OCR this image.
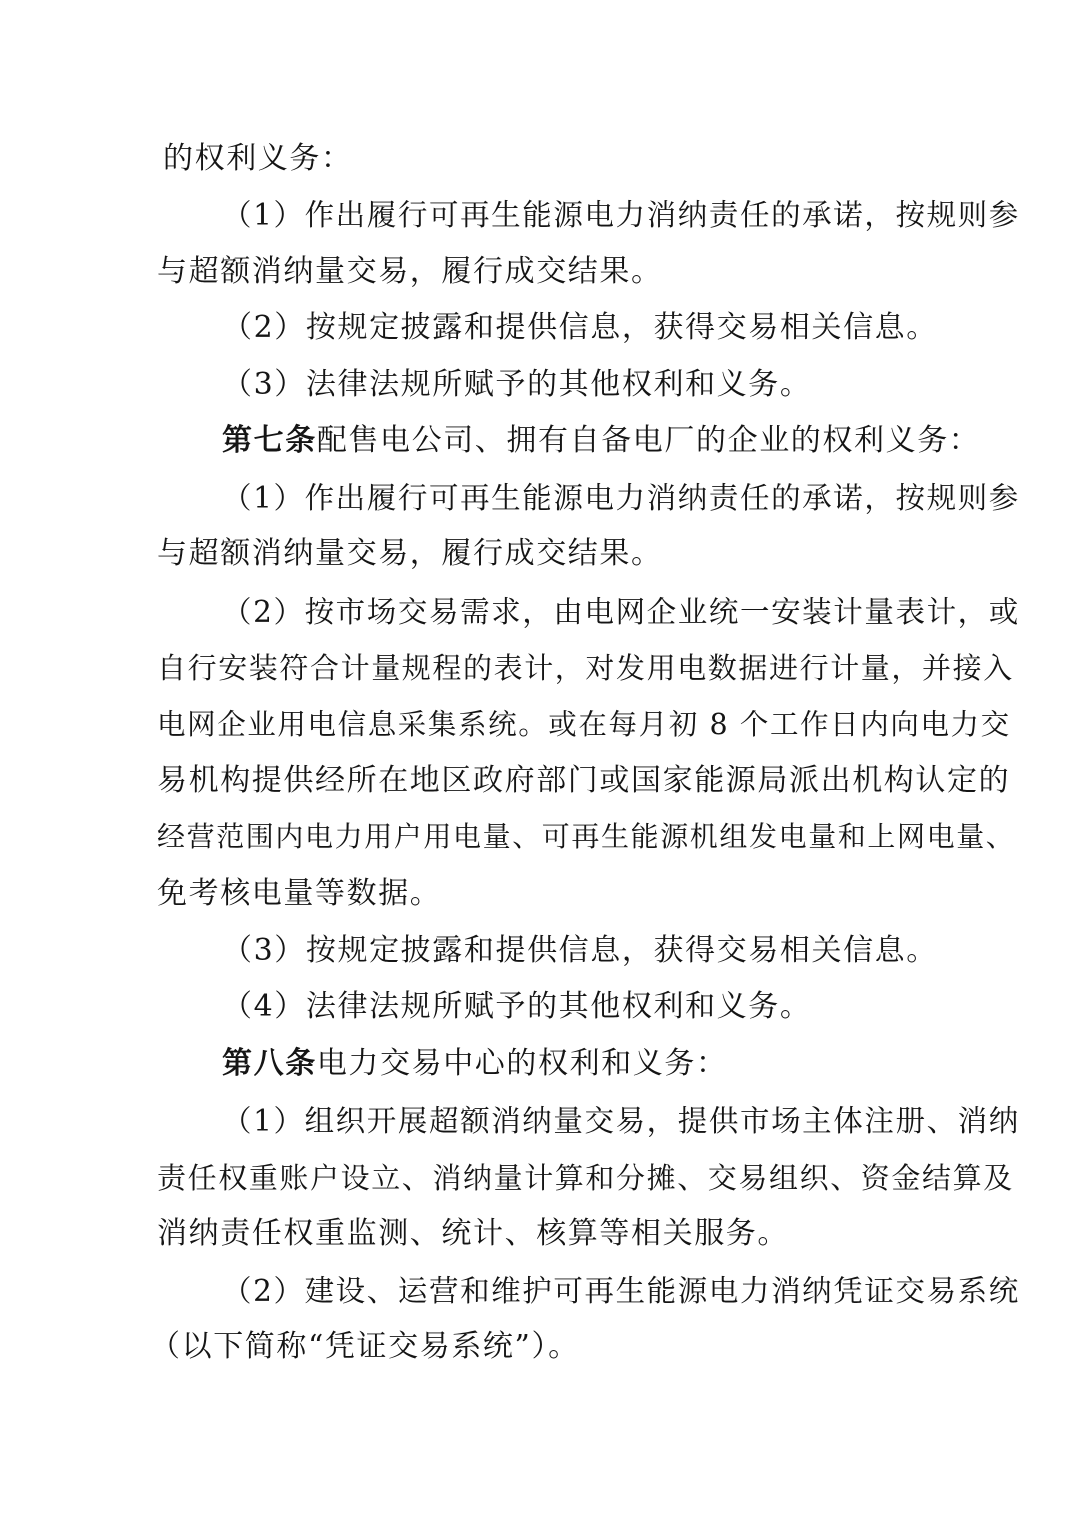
的权利义务：
（1）作出履行可再生能源电力消纳责任的承诺，按规则参
与超额消纳量交易，履行成交结果。
（2）按规定披露和提供信息，获得交易相关信息。
（3）法律法规所赋予的其他权利和义务。
第七条配售电公司、拥有自备电厂的企业的权利义务：
（1）作出履行可再生能源电力消纳责任的承诺，按规则参
与超额消纳量交易，履行成交结果。
（2）按市场交易需求，由电网企业统一安装计量表计，或
自行安装符合计量规程的表计，对发用电数据进行计量，并接入
电网企业用电信息采集系统。或在每月初 8 个工作日内向电力交
易机构提供经所在地区政府部门或国家能源局派出机构认定的
经营范围内电力用户用电量、可再生能源机组发电量和上网电量、
免考核电量等数据。
（3）按规定披露和提供信息，获得交易相关信息。
（4）法律法规所赋予的其他权利和义务。
第八条电力交易中心的权利和义务：
（1）组织开展超额消纳量交易，提供市场主体注册、消纳
责任权重账户设立、消纳量计算和分摊、交易组织、资金结算及
消纳责任权重监测、统计、核算等相关服务。
（2）建设、运营和维护可再生能源电力消纳凭证交易系统
（以下简称“凭证交易系统”）。
